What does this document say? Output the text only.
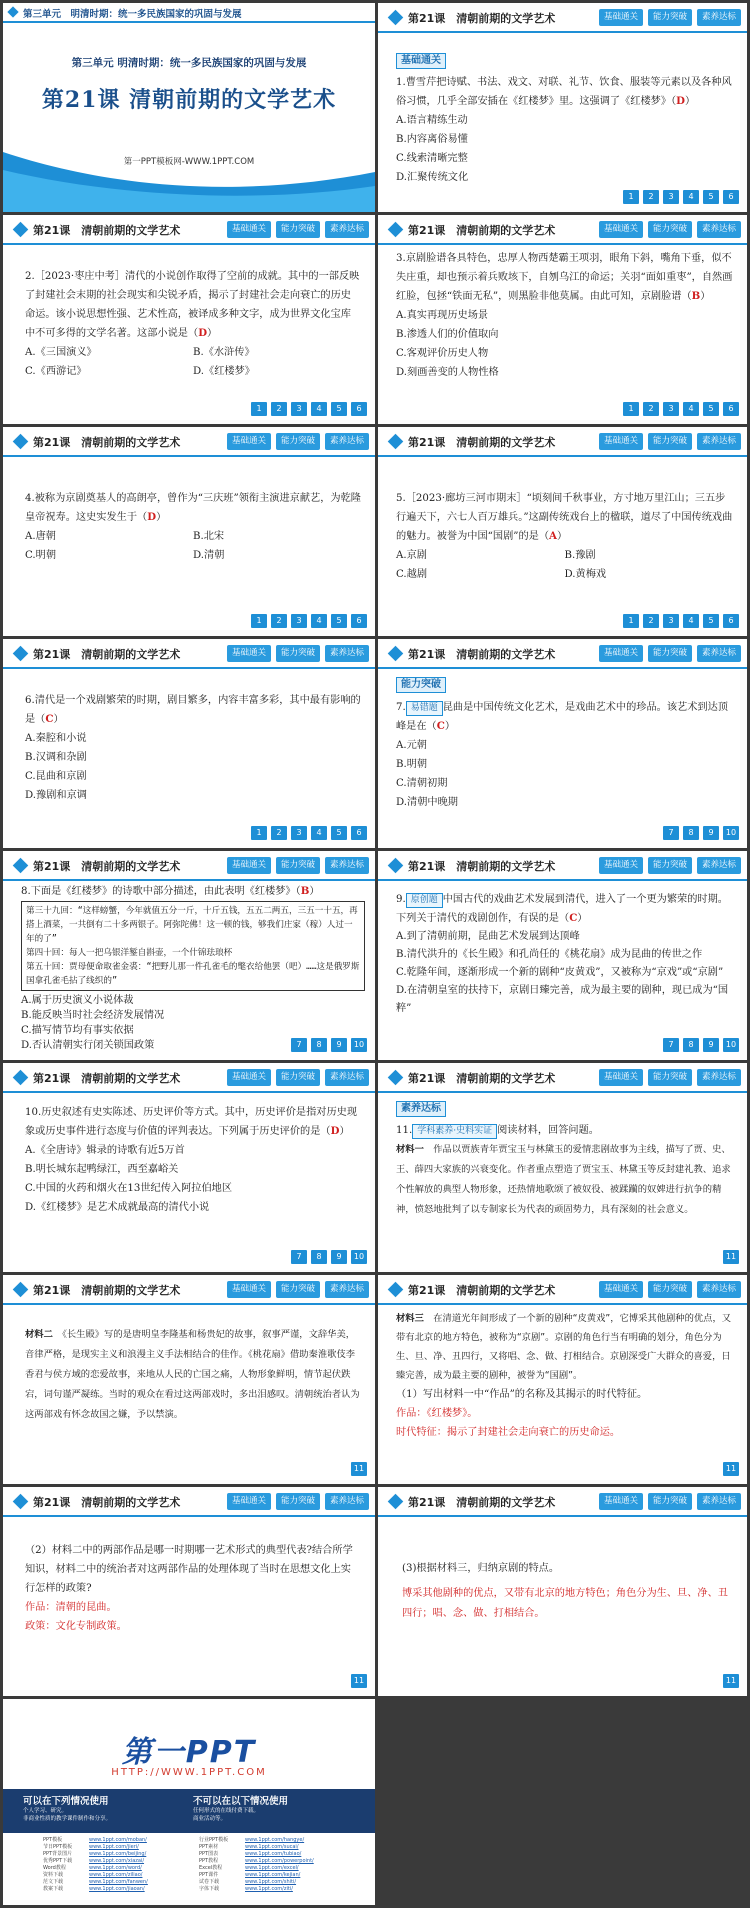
第三单元　明清时期：统一多民族国家的巩固与发展
第三单元 明清时期：统一多民族国家的巩固与发展
第21课 清朝前期的文学艺术
第一PPT模板网-WWW.1PPT.COM
第21课　清朝前期的文学艺术	基础通关	能力突破	素养达标
基础通关

1.曹雪芹把诗赋、书法、戏文、对联、礼节、饮食、服装等元素以及各种风俗习惯，几乎全部安插在《红楼梦》里。这强调了《红楼梦》（D）

A.语言精练生动

B.内容离俗易懂

C.线索清晰完整

D.汇聚传统文化

1	2	3	4	5	6
第21课　清朝前期的文学艺术	基础通关	能力突破	素养达标

2.［2023·枣庄中考］清代的小说创作取得了空前的成就。其中的一部反映了封建社会末期的社会现实和尖锐矛盾，揭示了封建社会走向衰亡的历史命运。该小说思想性强、艺术性高，被译成多种文字，成为世界文化宝库中不可多得的文学名著。这部小说是（D）

A.《三国演义》	B.《水浒传》

C.《西游记》	D.《红楼梦》

1	2	3	4	5	6
第21课　清朝前期的文学艺术	基础通关	能力突破	素养达标

3.京剧脸谱各具特色，忠厚人物西楚霸王项羽，眼角下斜，嘴角下垂，似不失庄重，却也预示着兵败垓下，自刎乌江的命运；关羽“面如重枣”，自然画红脸，包拯“铁面无私”，则黑脸非他莫属。由此可知，京剧脸谱（B）

A.真实再现历史场景

B.渗透人们的价值取向

C.客观评价历史人物

D.刻画善变的人物性格

1	2	3	4	5	6
第21课　清朝前期的文学艺术	基础通关	能力突破	素养达标

4.被称为京剧奠基人的高朗亭，曾作为“三庆班”领衔主演进京献艺，为乾隆皇帝祝寿。这史实发生于（D）

A.唐朝	B.北宋

C.明朝	D.清朝

1	2	3	4	5	6
第21课　清朝前期的文学艺术	基础通关	能力突破	素养达标

5.［2023·廊坊三河市期末］“顷刻间千秋事业，方寸地万里江山；三五步行遍天下，六七人百万雄兵。”这副传统戏台上的楹联，道尽了中国传统戏曲的魅力。被誉为中国“国剧”的是（A）

A.京剧	B.豫剧

C.越剧	D.黄梅戏

1	2	3	4	5	6
第21课　清朝前期的文学艺术	基础通关	能力突破	素养达标

6.清代是一个戏剧繁荣的时期，剧目繁多，内容丰富多彩，其中最有影响的是（C）

A.秦腔和小说

B.汉调和杂剧

C.昆曲和京剧

D.豫剧和京调

1	2	3	4	5	6
第21课　清朝前期的文学艺术	基础通关	能力突破	素养达标
能力突破

7. 易错题 昆曲是中国传统文化艺术，是戏曲艺术中的珍品。该艺术到达顶峰是在（C）

A.元朝

B.明朝

C.清朝初期

D.清朝中晚期

7	8	9	10
第21课　清朝前期的文学艺术	基础通关	能力突破	素养达标

8.下面是《红楼梦》的诗歌中部分描述，由此表明《红楼梦》（B）

第三十九回：“这样螃蟹，今年就值五分一斤，十斤五钱，五五二两五，三五一十五，再搭上酒菜，一共倒有二十多两银子。阿弥陀佛！这一顿的钱，够我们庄家（稼）人过一年的了”
第四十回：每人一把乌银洋錾自斟壶，一个什锦珐琅杯
第五十回：贾母便命取雀金裘：“把野儿那一件孔雀毛的氅衣给他罢（吧）……这是俄罗斯国拿孔雀毛拈了线织的”

A.属于历史演义小说体裁

B.能反映当时社会经济发展情况

C.描写情节均有事实依据

D.否认清朝实行闭关锁国政策	7	8	9	10
第21课　清朝前期的文学艺术	基础通关	能力突破	素养达标

9. 原创题 中国古代的戏曲艺术发展到清代，进入了一个更为繁荣的时期。下列关于清代的戏剧创作，有误的是（C）

A.到了清朝前期，昆曲艺术发展到达顶峰

B.清代洪升的《长生殿》和孔尚任的《桃花扇》成为昆曲的传世之作

C.乾隆年间，逐渐形成一个新的剧种“皮黄戏”，又被称为“京戏”或“京剧”

D.在清朝皇室的扶持下，京剧日臻完善，成为最主要的剧种，现已成为“国粹”

7	8	9	10
第21课　清朝前期的文学艺术	基础通关	能力突破	素养达标

10.历史叙述有史实陈述、历史评价等方式。其中，历史评价是指对历史现象或历史事件进行态度与价值的评判表达。下列属于历史评价的是（D）

A.《全唐诗》辑录的诗歌有近5万首

B.明长城东起鸭绿江，西至嘉峪关

C.中国的火药和烟火在13世纪传入阿拉伯地区

D.《红楼梦》是艺术成就最高的清代小说

7	8	9	10
第21课　清朝前期的文学艺术	基础通关	能力突破	素养达标
素养达标

11. 学科素养·史料实证 阅读材料，回答问题。

材料一　 作品以贾族青年贾宝玉与林黛玉的爱情悲剧故事为主线，描写了贾、史、王、薛四大家族的兴衰变化。作者重点塑造了贾宝玉、林黛玉等反封建礼教、追求个性解放的典型人物形象，还热情地歌颂了被奴役、被蹂躏的奴婢进行抗争的精神，愤怒地批判了以专制家长为代表的顽固势力，具有深刻的社会意义。

11
第21课　清朝前期的文学艺术	基础通关	能力突破	素养达标

材料二　 《长生殿》写的是唐明皇李隆基和杨贵妃的故事，叙事严谨，文辞华美，音律严格，是现实主义和浪漫主义手法相结合的佳作。《桃花扇》借助秦淮歌伎李香君与侯方域的恋爱故事，来地从人民的亡国之痛，人物形象鲜明，情节起伏跌宕，词句谨严凝练。当时的观众在看过这两部戏时，多出泪感叹。清朝统治者认为这两部戏有怀念故国之嫌，予以禁演。

11
第21课　清朝前期的文学艺术	基础通关	能力突破	素养达标

材料三　 在清道光年间形成了一个新的剧种“皮黄戏”，它博采其他剧种的优点，又带有北京的地方特色，被称为“京剧”。京剧的角色行当有明确的划分，角色分为生、旦、净、丑四行，又将唱、念、做、打相结合。京剧深受广大群众的喜爱，日臻完善，成为最主要的剧种，被誉为“国剧”。

（1）写出材料一中“作品”的名称及其揭示的时代特征。

作品：《红楼梦》。

时代特征：揭示了封建社会走向衰亡的历史命运。

11
第21课　清朝前期的文学艺术	基础通关	能力突破	素养达标

（2）材料二中的两部作品是哪一时期哪一艺术形式的典型代表?结合所学知识，材料二中的统治者对这两部作品的处理体现了当时在思想文化上实行怎样的政策?

作品：清朝的昆曲。

政策：文化专制政策。

11
第21课　清朝前期的文学艺术	基础通关	能力突破	素养达标

(3)根据材料三，归纳京剧的特点。

博采其他剧种的优点，又带有北京的地方特色；角色分为生、旦、净、丑四行；唱、念、做、打相结合。

11
第一PPT
HTTP://WWW.1PPT.COM
可以在下列情况使用
个人学习、研究。
非商业性质的教学课件制作和分享。
不可以在以下情况使用
任何形式的在线付费下载。
商业活动等。
PPT模板	www.1ppt.com/moban/
节日PPT模板	www.1ppt.com/jieri/
PPT背景图片	www.1ppt.com/beijing/
优秀PPT下载	www.1ppt.com/xiazai/
Word教程	www.1ppt.com/word/
资料下载	www.1ppt.com/ziliao/
范文下载	www.1ppt.com/fanwen/
教案下载	www.1ppt.com/jiaoan/
行业PPT模板	www.1ppt.com/hangye/
PPT素材	www.1ppt.com/sucai/
PPT图表	www.1ppt.com/tubiao/
PPT教程	www.1ppt.com/powerpoint/
Excel教程	www.1ppt.com/excel/
PPT课件	www.1ppt.com/kejian/
试卷下载	www.1ppt.com/shiti/
字体下载	www.1ppt.com/ziti/
